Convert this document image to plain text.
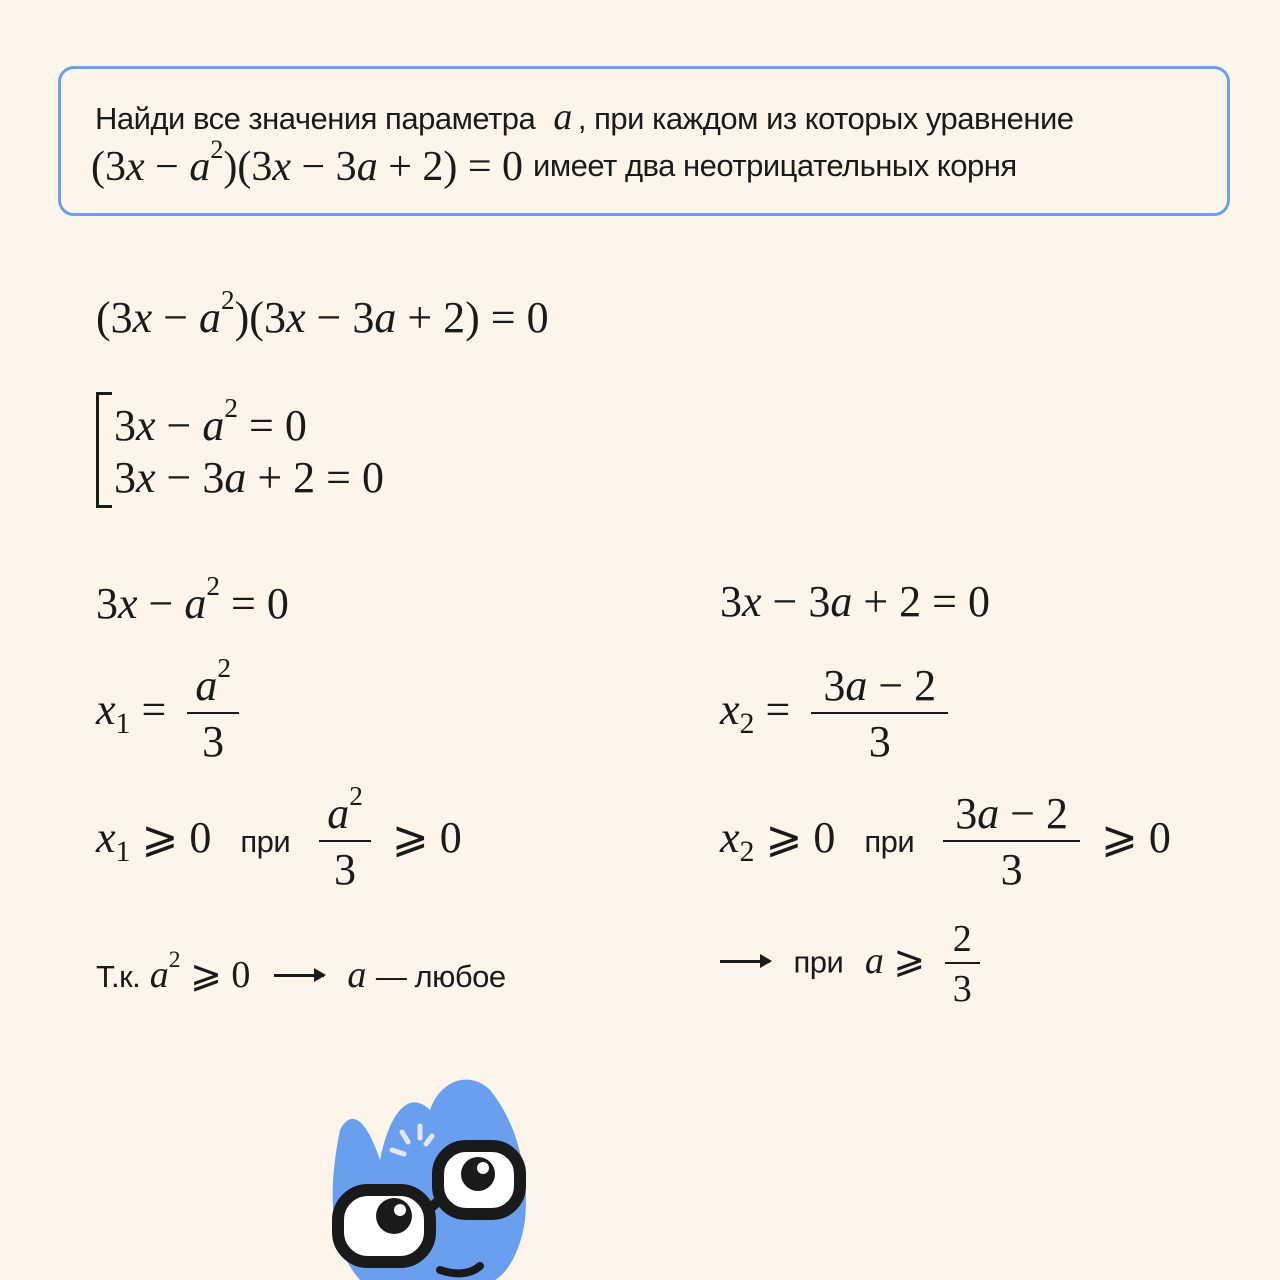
Найди все значения параметра a , при каждом из которых уравнение
$(3x - a^2)(3x - 3a + 2) = 0$ имеет два неотрицательных корня
$(3x - a^2)(3x - 3a + 2) = 0$
$3x - a^2 = 0$
3x − 3a + 2 = 0
$3x - a^2 = 0$
$x_1 = \frac{a^2}{3}$
$x_1$ ⩾ 0 при $\frac{a^2}{3}$ ⩾ 0
Т.к. $a^2$ ⩾ 0	a — любое
3x − 3a + 2 = 0
$x_2 = \frac{3a - 2}{3}$
$x_2$ ⩾ 0 при $\frac{3a - 2}{3}$ ⩾ 0
при a ⩾ $\frac{2}{3}$
